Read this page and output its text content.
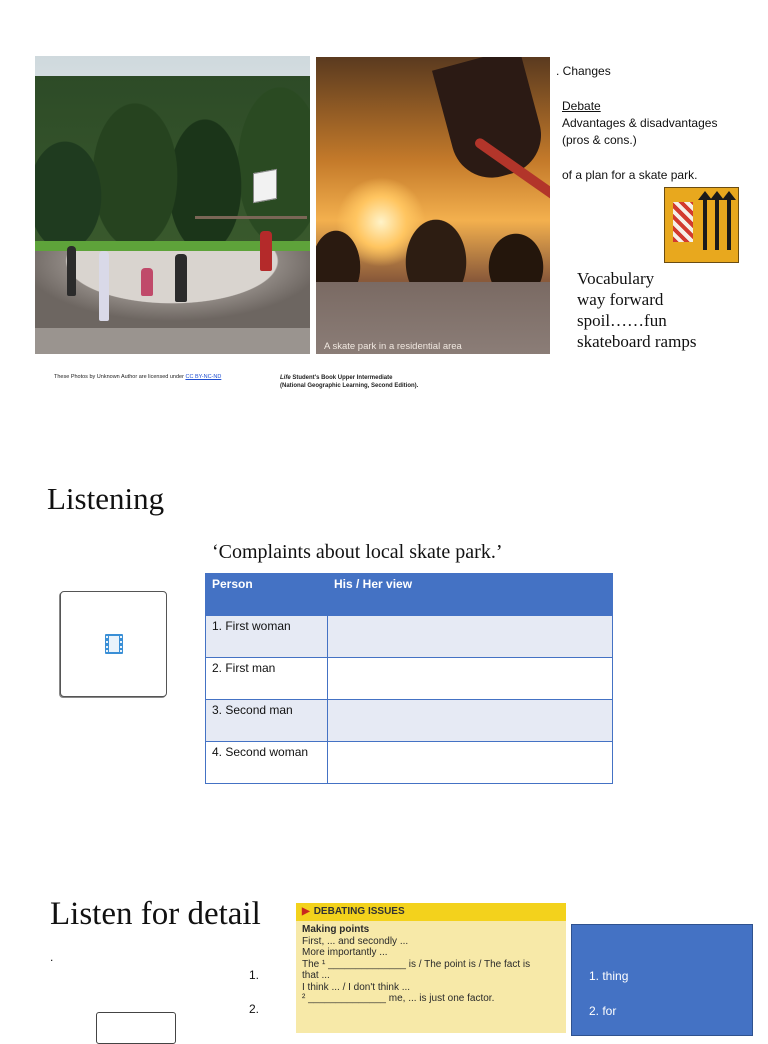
A skate park in a residential area
These Photos by Unknown Author are licensed under CC BY-NC-ND	Life Student's Book Upper Intermediate
(National Geographic Learning, Second Edition).
. Changes
Debate
Advantages & disadvantages
(pros & cons.)
of a plan for a skate park.
Vocabulary
way forward
spoil……fun
skateboard ramps
Listening
‘Complaints about local skate park.’
Person	His / Her view
1. First woman	
2. First man	
3. Second man	
4. Second woman	
Listen for detail
.
1.
2.
▶ DEBATING ISSUES
Making points
First, ... and secondly ...
More importantly ...
The ¹ ______________ is / The point is / The fact is
that ...
I think ... / I don't think ...
² ______________ me, ... is just one factor.
1. thing
2. for
